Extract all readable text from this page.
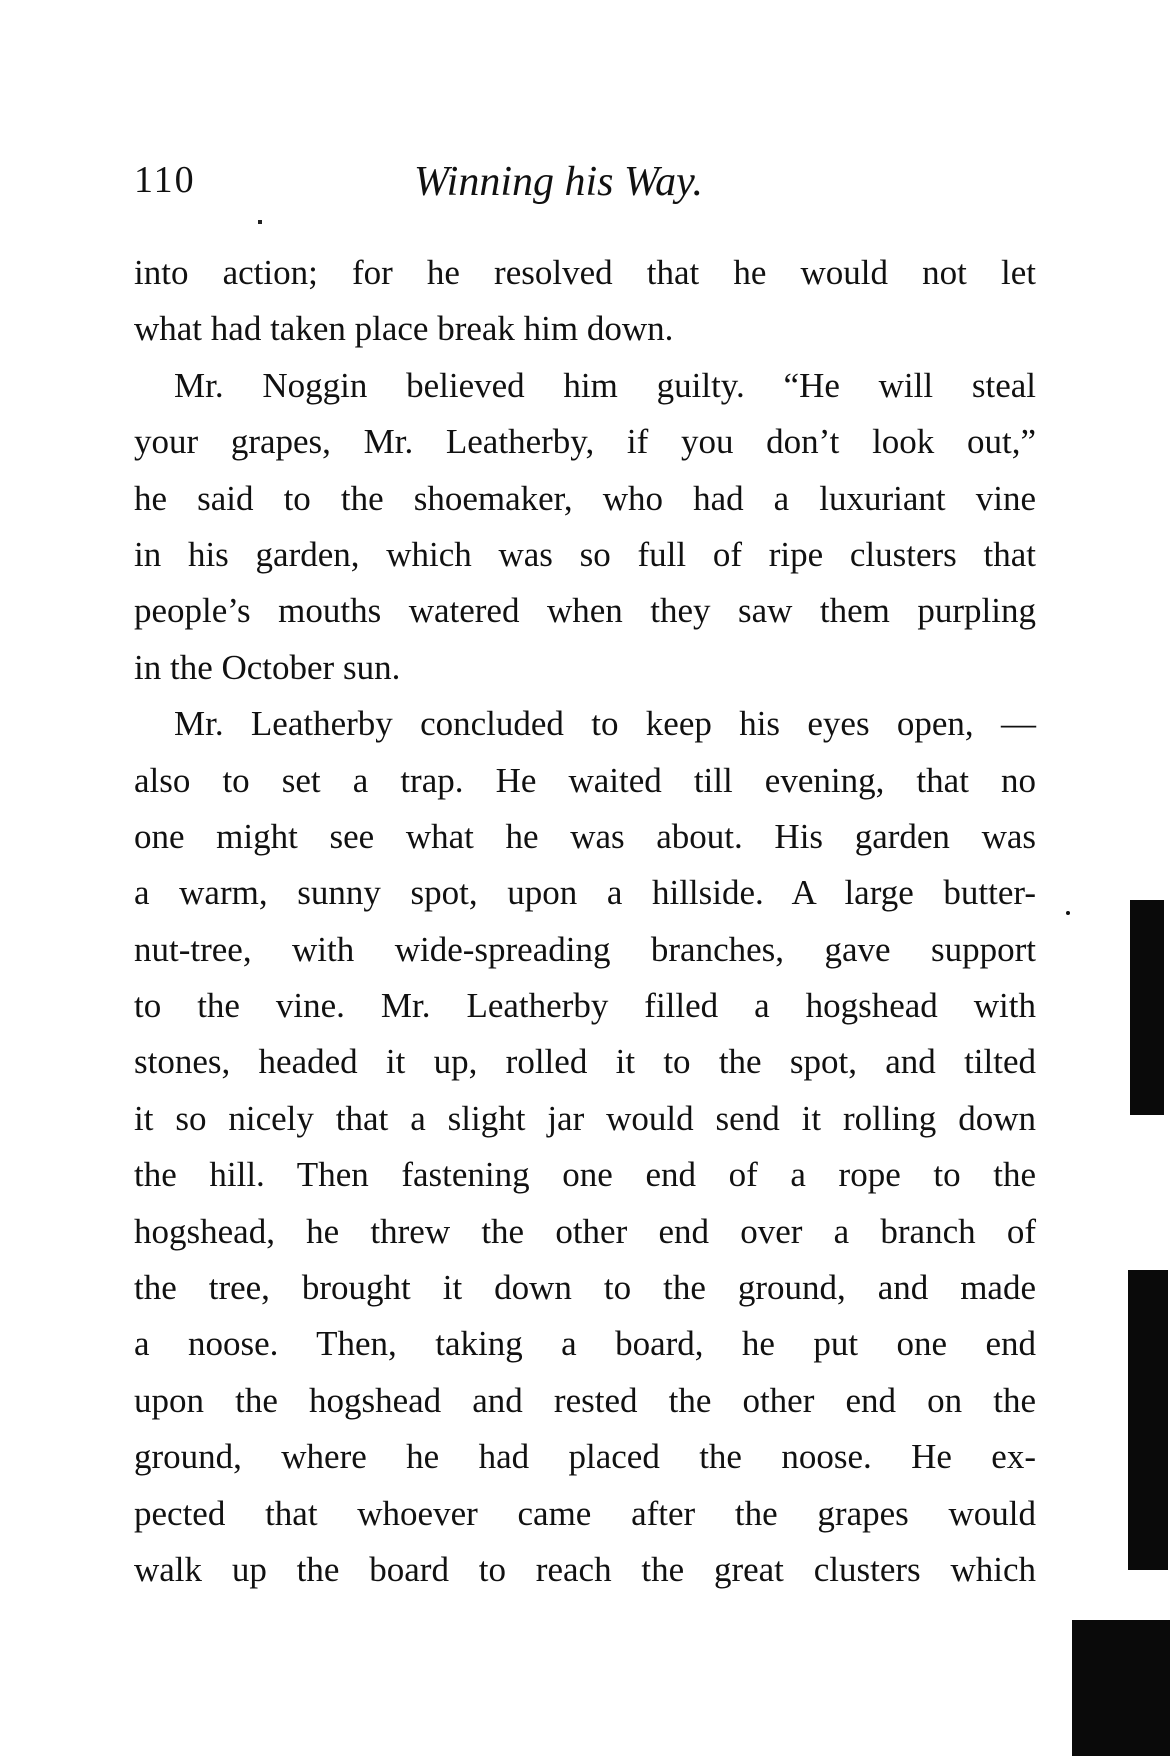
110	Winning his Way.
into action; for he resolved that he would not let
what had taken place break him down.
Mr. Noggin believed him guilty. “He will steal
your grapes, Mr. Leatherby, if you don’t look out,”
he said to the shoemaker, who had a luxuriant vine
in his garden, which was so full of ripe clusters that
people’s mouths watered when they saw them purpling
in the October sun.
Mr. Leatherby concluded to keep his eyes open, —
also to set a trap. He waited till evening, that no
one might see what he was about. His garden was
a warm, sunny spot, upon a hillside. A large butter-
nut-tree, with wide-spreading branches, gave support
to the vine. Mr. Leatherby filled a hogshead with
stones, headed it up, rolled it to the spot, and tilted
it so nicely that a slight jar would send it rolling down
the hill. Then fastening one end of a rope to the
hogshead, he threw the other end over a branch of
the tree, brought it down to the ground, and made
a noose. Then, taking a board, he put one end
upon the hogshead and rested the other end on the
ground, where he had placed the noose. He ex-
pected that whoever came after the grapes would
walk up the board to reach the great clusters which
